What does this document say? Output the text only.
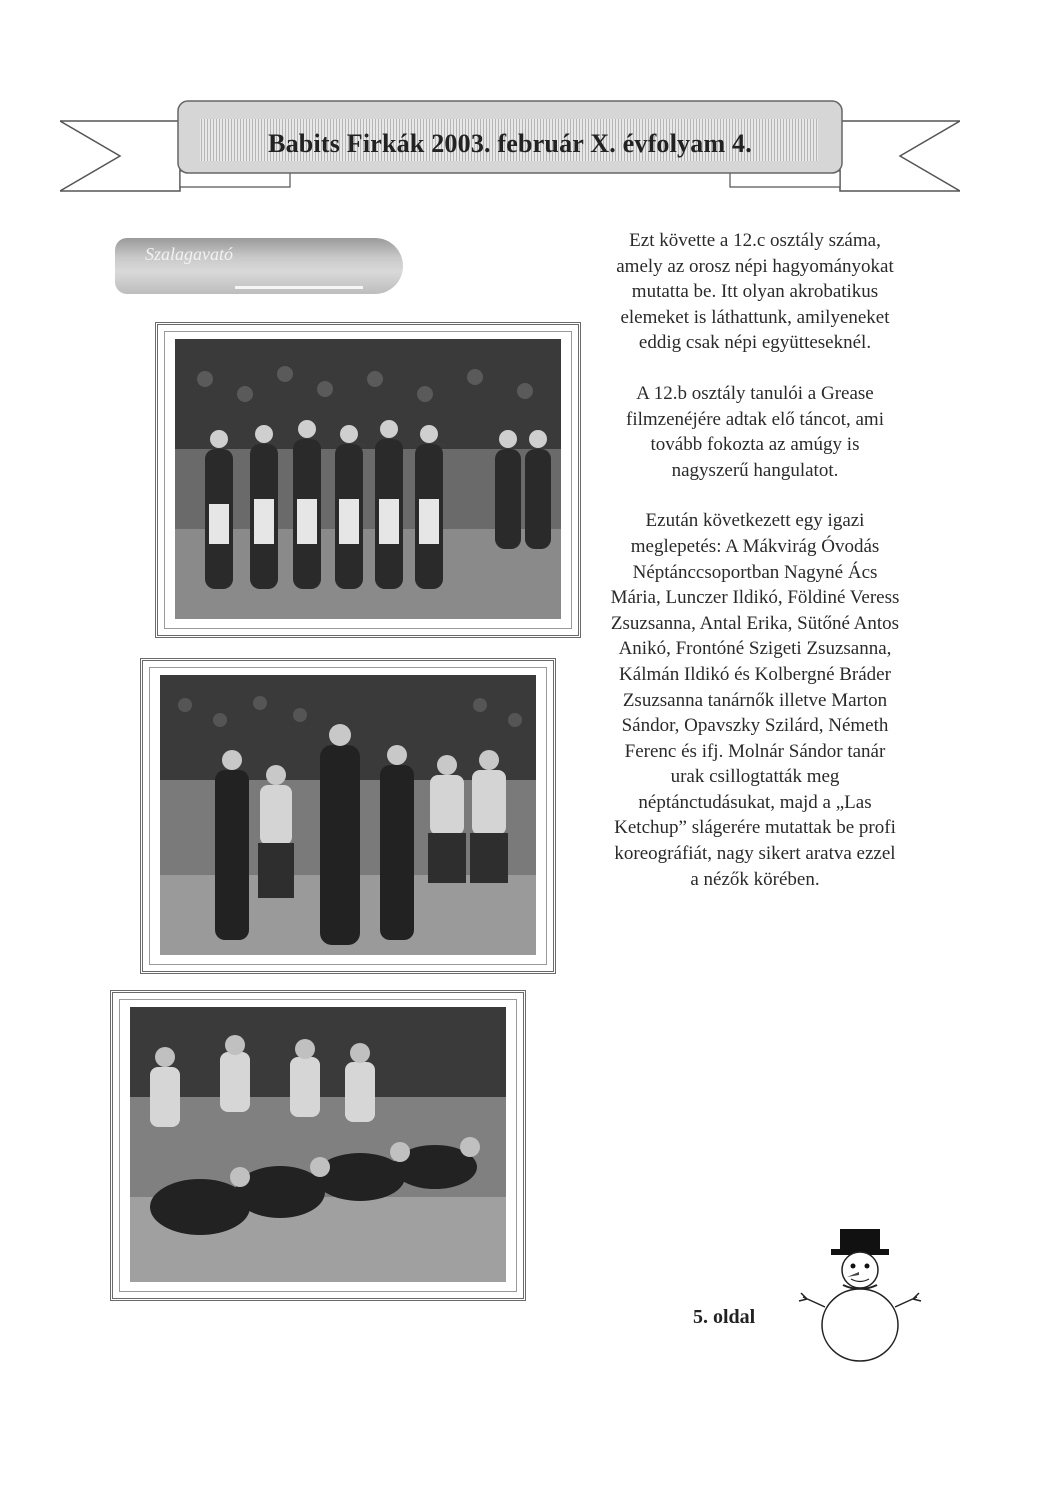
Babits Firkák 2003. február X. évfolyam 4.
Szalagavató

Ezt követte a 12.c osztály száma, amely az orosz népi hagyományokat mutatta be. Itt olyan akrobatikus elemeket is láthattunk, amilyeneket eddig csak népi együtteseknél.

A 12.b osztály tanulói a Grease filmzenéjére adtak elő táncot, ami tovább fokozta az amúgy is nagyszerű hangulatot.

Ezután következett egy igazi meglepetés: A Mákvirág Óvodás Néptánccsoportban Nagyné Ács Mária, Lunczer Ildikó, Földiné Veress Zsuzsanna, Antal Erika, Sütőné Antos Anikó, Frontóné Szigeti Zsuzsanna, Kálmán Ildikó és Kolbergné Bráder Zsuzsanna tanárnők illetve Marton Sándor, Opavszky Szilárd, Németh Ferenc és ifj. Molnár Sándor tanár urak csillogtatták meg néptánctudásukat, majd a „Las Ketchup” slágerére mutattak be profi koreográfiát, nagy sikert aratva ezzel a nézők körében.

5. oldal
